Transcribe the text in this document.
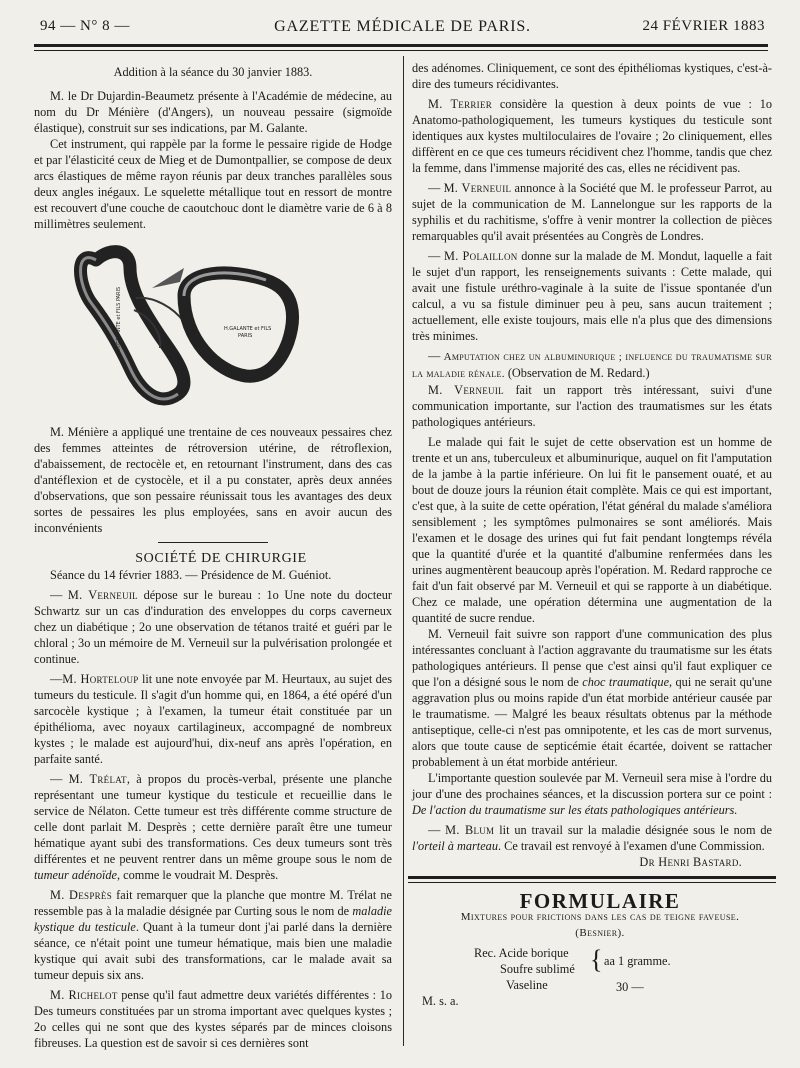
94 — N° 8 —	GAZETTE MÉDICALE DE PARIS.	24 FÉVRIER 1883

Addition à la séance du 30 janvier 1883.

M. le Dr Dujardin-Beaumetz présente à l'Académie de médecine, au nom du Dr Ménière (d'Angers), un nouveau pessaire (sigmoïde élastique), construit sur ses indications, par M. Galante.

Cet instrument, qui rappèle par la forme le pessaire rigide de Hodge et par l'élasticité ceux de Mieg et de Dumontpallier, se compose de deux arcs élastiques de même rayon réunis par deux tranches parallèles sous deux angles inégaux. Le squelette métallique tout en ressort de montre est recouvert d'une couche de caoutchouc dont le diamètre varie de 6 à 8 millimètres seulement.

H.GALANTE et FILS PARIS	H.GALANTE et FILS
PARIS

M. Ménière a appliqué une trentaine de ces nouveaux pessaires chez des femmes atteintes de rétroversion utérine, de rétroflexion, d'abaissement, de rectocèle et, en retournant l'instrument, dans des cas d'antéflexion et de cystocèle, et il a pu constater, après deux années d'observations, que son pessaire réunissait tous les avantages des deux sortes de pessaires les plus employées, sans en avoir aucun des inconvénients

SOCIÉTÉ DE CHIRURGIE

Séance du 14 février 1883. — Présidence de M. Guéniot.

— M. Verneuil dépose sur le bureau : 1o Une note du docteur Schwartz sur un cas d'induration des enveloppes du corps caverneux chez un diabétique ; 2o une observation de tétanos traité et guéri par le chloral ; 3o un mémoire de M. Verneuil sur la pulvérisation prolongée et continue.

—M. Horteloup lit une note envoyée par M. Heurtaux, au sujet des tumeurs du testicule. Il s'agit d'un homme qui, en 1864, a été opéré d'un sarcocèle kystique ; à l'examen, la tumeur était constituée par un épithélioma, avec noyaux cartilagineux, accompagné de nombreux kystes ; le malade est aujourd'hui, dix-neuf ans après l'opération, en parfaite santé.

— M. Trélat, à propos du procès-verbal, présente une planche représentant une tumeur kystique du testicule et recueillie dans le service de Nélaton. Cette tumeur est très différente comme structure de celle dont parlait M. Desprès ; cette dernière paraît être une tumeur hématique ayant subi des transformations. Ces deux tumeurs sont très différentes et ne peuvent rentrer dans un même groupe sous le nom de tumeur adénoïde, comme le voudrait M. Desprès.

M. Desprès fait remarquer que la planche que montre M. Trélat ne ressemble pas à la maladie désignée par Curting sous le nom de maladie kystique du testicule. Quant à la tumeur dont j'ai parlé dans la dernière séance, ce n'était point une tumeur hématique, mais bien une maladie kystique qui avait subi des transformations, car le malade avait sa tumeur depuis six ans.

M. Richelot pense qu'il faut admettre deux variétés différentes : 1o Des tumeurs constituées par un stroma important avec quelques kystes ; 2o celles qui ne sont que des kystes séparés par de minces cloisons fibreuses. La question est de savoir si ces dernières sont

des adénomes. Cliniquement, ce sont des épithéliomas kystiques, c'est-à-dire des tumeurs récidivantes.

M. Terrier considère la question à deux points de vue : 1o Anatomo-pathologiquement, les tumeurs kystiques du testicule sont identiques aux kystes multiloculaires de l'ovaire ; 2o cliniquement, elles diffèrent en ce que ces tumeurs récidivent chez l'homme, tandis que chez la femme, dans l'immense majorité des cas, elles ne récidivent pas.

— M. Verneuil annonce à la Société que M. le professeur Parrot, au sujet de la communication de M. Lannelongue sur les rapports de la syphilis et du rachitisme, s'offre à venir montrer la collection de pièces remarquables qu'il avait présentées au Congrès de Londres.

— M. Polaillon donne sur la malade de M. Mondut, laquelle a fait le sujet d'un rapport, les renseignements suivants : Cette malade, qui avait une fistule uréthro-vaginale à la suite de l'issue spontanée d'un calcul, a vu sa fistule diminuer peu à peu, sans aucun traitement ; actuellement, elle existe toujours, mais elle n'a plus que des dimensions très minimes.

— Amputation chez un albuminurique ; influence du traumatisme sur la maladie rénale. (Observation de M. Redard.)

M. Verneuil fait un rapport très intéressant, suivi d'une communication importante, sur l'action des traumatismes sur les états pathologiques antérieurs.

Le malade qui fait le sujet de cette observation est un homme de trente et un ans, tuberculeux et albuminurique, auquel on fit l'amputation de la jambe à la partie inférieure. On lui fit le pansement ouaté, et au bout de douze jours la réunion était complète. Mais ce qui est important, c'est que, à la suite de cette opération, l'état général du malade s'améliora sensiblement ; les symptômes pulmonaires se sont améliorés. Mais l'examen et le dosage des urines qui fut fait pendant longtemps révéla que la quantité d'urée et la quantité d'albumine renfermées dans les urines augmentèrent beaucoup après l'opération. M. Redard rapproche ce fait d'un fait observé par M. Verneuil et qui se rapporte à un diabétique. Chez ce malade, une opération détermina une augmentation de la quantité de sucre rendue.

M. Verneuil fait suivre son rapport d'une communication des plus intéressantes concluant à l'action aggravante du traumatisme sur les états pathologiques antérieurs. Il pense que c'est ainsi qu'il faut expliquer ce que l'on a désigné sous le nom de choc traumatique, qui ne serait qu'une aggravation plus ou moins rapide d'un état morbide antérieur causée par le traumatisme. — Malgré les beaux résultats obtenus par la méthode antiseptique, celle-ci n'est pas omnipotente, et les cas de mort survenus, alors que toute cause de septicémie était écartée, doivent se rattacher probablement à un état morbide antérieur.

L'importante question soulevée par M. Verneuil sera mise à l'ordre du jour d'une des prochaines séances, et la discussion portera sur ce point : De l'action du traumatisme sur les états pathologiques antérieurs.

— M. Blum lit un travail sur la maladie désignée sous le nom de l'orteil à marteau. Ce travail est renvoyé à l'examen d'une Commission.

Dr Henri Bastard.

FORMULAIRE

Mixtures pour frictions dans les cas de teigne faveuse.

(Besnier).

Rec. Acide borique
Soufre sublimé { aa 1 gramme.
Vaseline	30 —
M. s. a.
